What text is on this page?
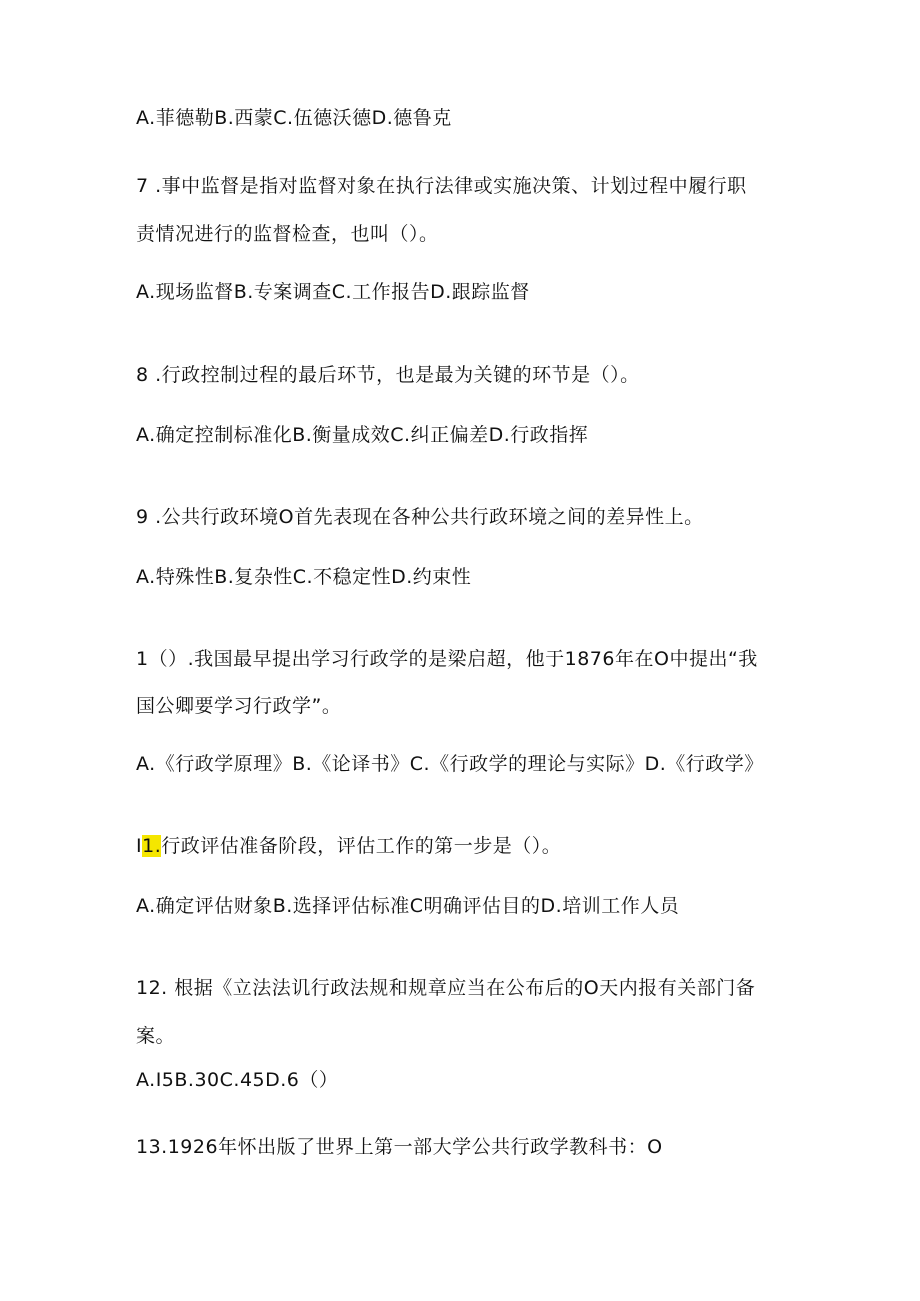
A.菲德勒B.西蒙C.伍德沃德D.德鲁克
7 .事中监督是指对监督对象在执行法律或实施决策、计划过程中履行职
责情况进行的监督检查，也叫（）。
A.现场监督B.专案调查C.工作报告D.跟踪监督
8 .行政控制过程的最后环节，也是最为关键的环节是（）。
A.确定控制标准化B.衡量成效C.纠正偏差D.行政指挥
9 .公共行政环境O首先表现在各种公共行政环境之间的差异性上。
A.特殊性B.复杂性C.不稳定性D.约束性
1（）.我国最早提出学习行政学的是梁启超，他于1876年在O中提出“我
国公卿要学习行政学”。
A.《行政学原理》B.《论译书》C.《行政学的理论与实际》D.《行政学》
I1.行政评估准备阶段，评估工作的第一步是（）。
A.确定评估财象B.选择评估标准C明确评估目的D.培训工作人员
12. 根据《立法法讥行政法规和规章应当在公布后的O天内报有关部门备
案。
A.I5B.30C.45D.6（）
13.1926年怀出版了世界上第一部大学公共行政学教科书：O
